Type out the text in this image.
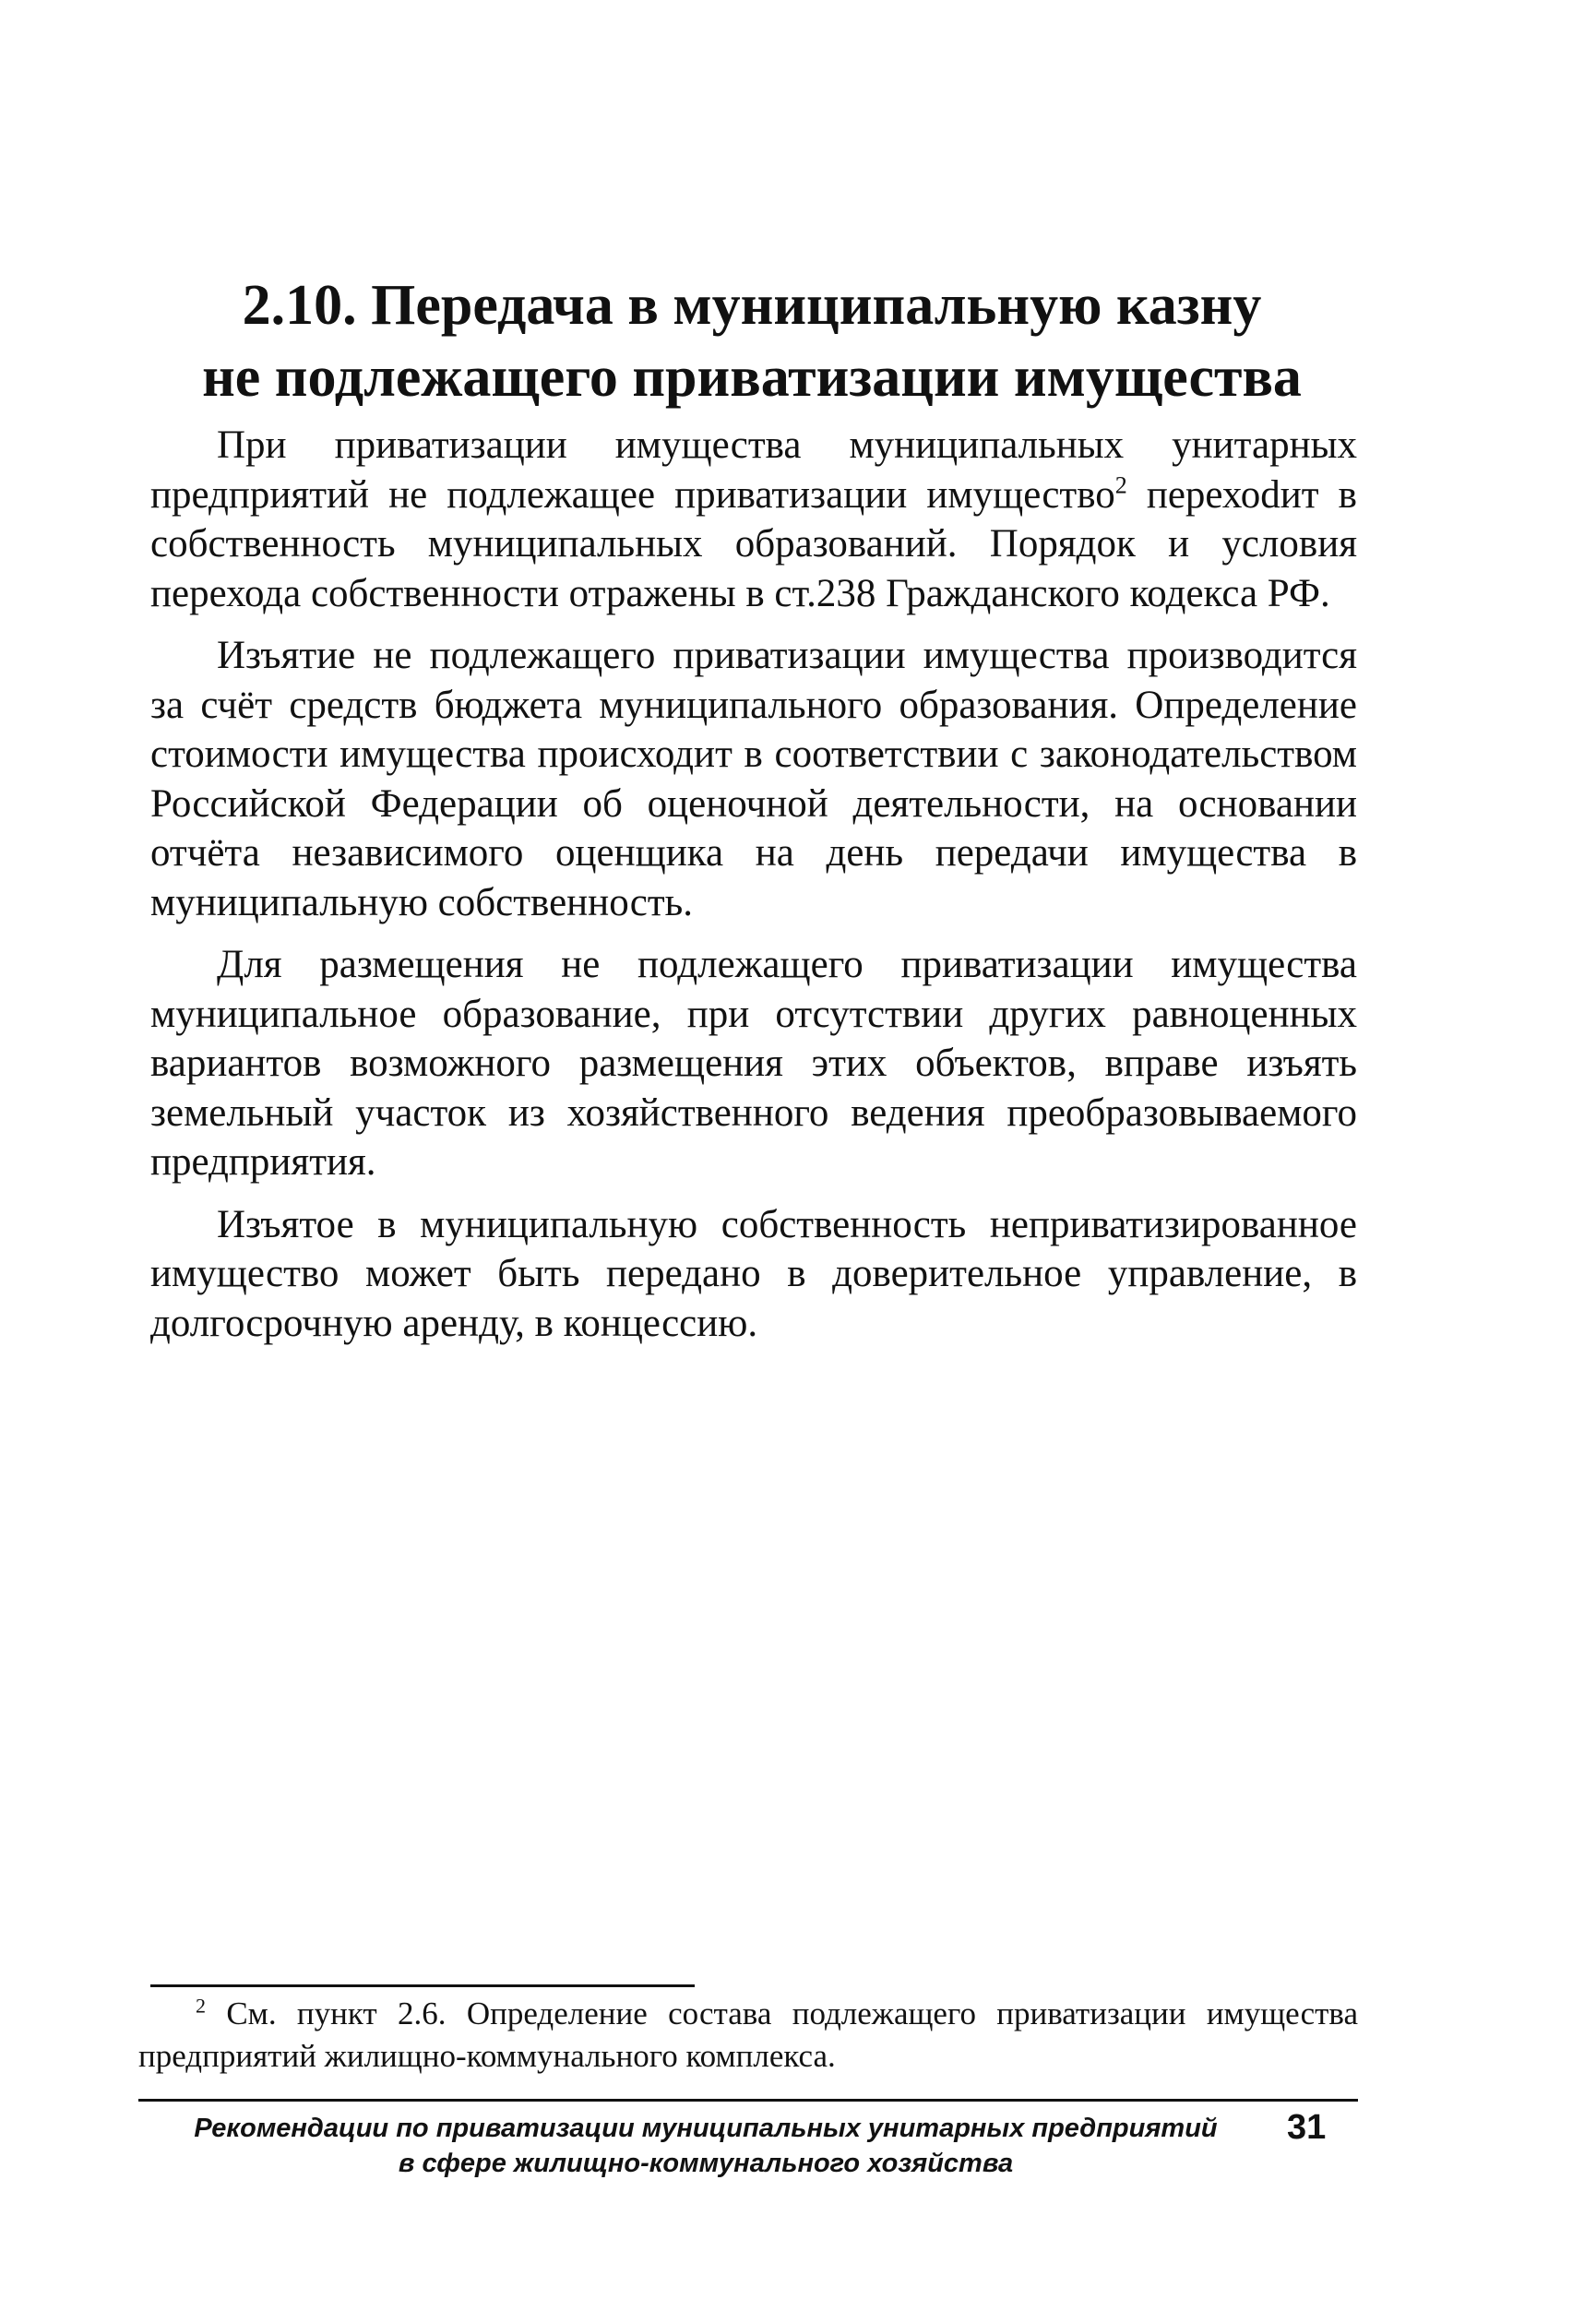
2.10. Передача в муниципальную казну
не подлежащего приватизации имущества

При приватизации имущества муниципальных унитарных предприятий не подлежащее приватизации имущество$^2$ перехоdит в собственность муниципальных образований. Порядок и условия перехода собственности отражены в ст.238 Гражданского кодекса РФ.

Изъятие не подлежащего приватизации имущества производится за счёт средств бюджета муниципального образования. Определение стоимости имущества происходит в соответствии с законодательством Российской Федерации об оценочной деятельности, на основании отчёта независимого оценщика на день передачи имущества в муниципальную собственность.

Для размещения не подлежащего приватизации имущества муниципальное образование, при отсутствии других равноценных вариантов возможного размещения этих объектов, вправе изъять земельный участок из хозяйственного ведения преобразовываемого предприятия.

Изъятое в муниципальную собственность неприватизированное имущество может быть передано в доверительное управление, в долгосрочную аренду, в концессию.

$^2$ См. пункт 2.6. Определение состава подлежащего приватизации имущества предприятий жилищно-коммунального комплекса.
Рекомендации по приватизации муниципальных унитарных предприятий
в сфере жилищно-коммунального хозяйства
31
